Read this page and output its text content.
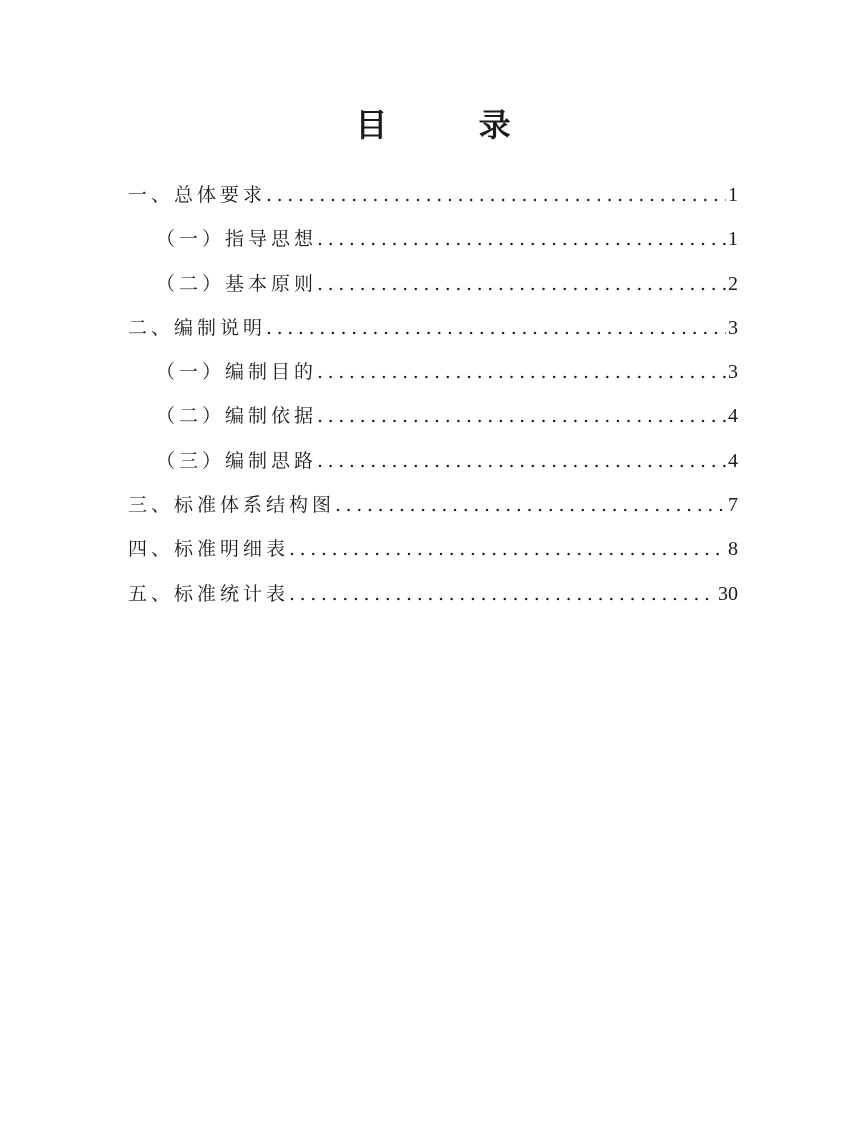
目 录
一、总体要求 .....	1
（一）指导思想 .....	1
（二）基本原则 .....	2
二、编制说明 .....	3
（一）编制目的 .....	3
（二）编制依据 .....	4
（三）编制思路 .....	4
三、标准体系结构图 .....	7
四、标准明细表 .....	8
五、标准统计表 .....	30
